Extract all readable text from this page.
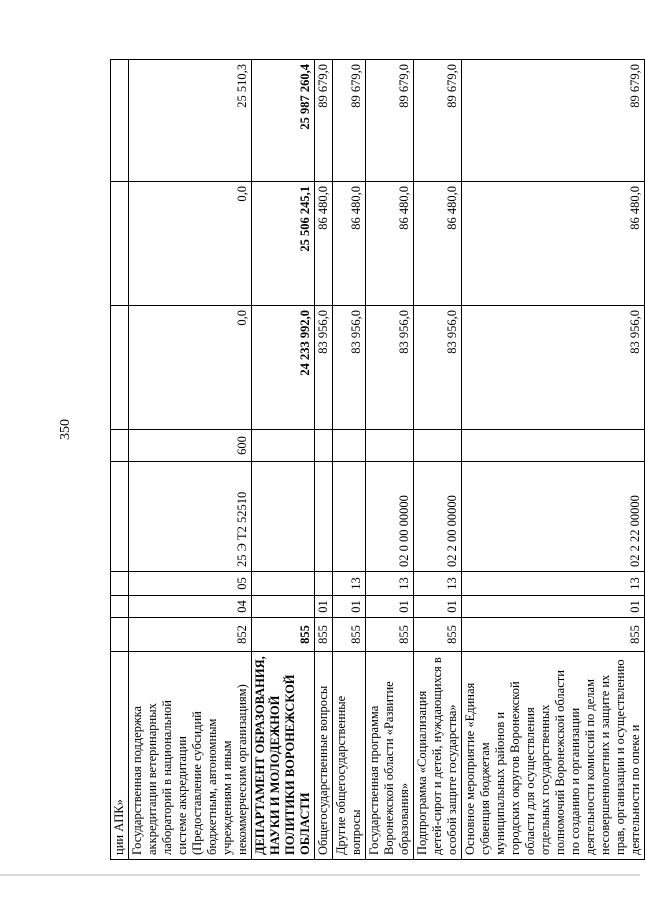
350
ции АПК»								
Государственная поддержка аккредитации ветеринарных лабораторий в национальной системе аккредитации (Предоставление субсидий бюджетным, автономным учреждениям и иным некоммерческим организациям)	852	04	05	25 Э Т2 52510	600	0,0	0,0	25 510,3
ДЕПАРТАМЕНТ ОБРАЗОВАНИЯ, НАУКИ И МОЛОДЕЖНОЙ ПОЛИТИКИ ВОРОНЕЖСКОЙ ОБЛАСТИ	855					24 233 992,0	25 506 245,1	25 987 260,4
Общегосударственные вопросы	855	01				83 956,0	86 480,0	89 679,0
Другие общегосударственные вопросы	855	01	13			83 956,0	86 480,0	89 679,0
Государственная программа Воронежской области «Развитие образования»	855	01	13	02 0 00 00000		83 956,0	86 480,0	89 679,0
Подпрограмма «Социализация детей-сирот и детей, нуждающихся в особой защите государства»	855	01	13	02 2 00 00000		83 956,0	86 480,0	89 679,0
Основное мероприятие «Единая субвенция бюджетам муниципальных районов и городских округов Воронежской области для осуществления отдельных государственных полномочий Воронежской области по созданию и организации деятельности комиссий по делам несовершеннолетних и защите их прав, организации и осуществлению деятельности по опеке и	855	01	13	02 2 22 00000		83 956,0	86 480,0	89 679,0
